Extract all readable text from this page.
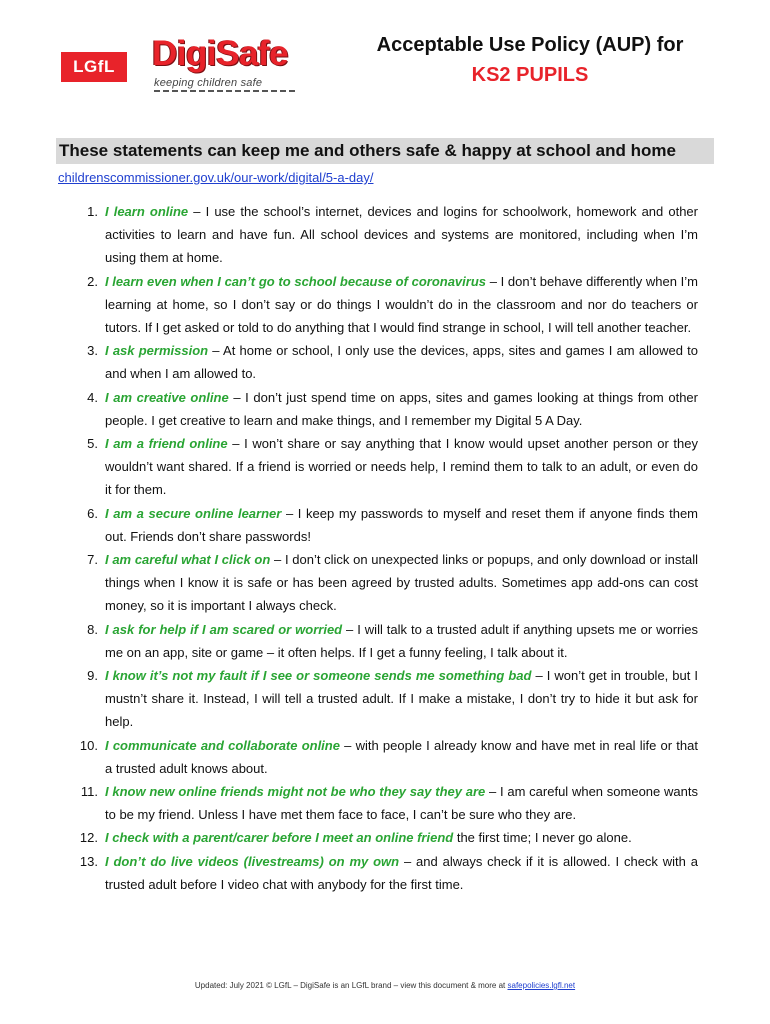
LGfL DigiSafe
keeping children safe
Acceptable Use Policy (AUP) for
KS2 PUPILS
These statements can keep me and others safe & happy at school and home
childrenscommissioner.gov.uk/our-work/digital/5-a-day/
1. I learn online – I use the school’s internet, devices and logins for schoolwork, homework and other activities to learn and have fun. All school devices and systems are monitored, including when I’m using them at home.
2. I learn even when I can’t go to school because of coronavirus – I don’t behave differently when I’m learning at home, so I don’t say or do things I wouldn’t do in the classroom and nor do teachers or tutors. If I get asked or told to do anything that I would find strange in school, I will tell another teacher.
3. I ask permission – At home or school, I only use the devices, apps, sites and games I am allowed to and when I am allowed to.
4. I am creative online – I don’t just spend time on apps, sites and games looking at things from other people. I get creative to learn and make things, and I remember my Digital 5 A Day.
5. I am a friend online – I won’t share or say anything that I know would upset another person or they wouldn’t want shared. If a friend is worried or needs help, I remind them to talk to an adult, or even do it for them.
6. I am a secure online learner – I keep my passwords to myself and reset them if anyone finds them out. Friends don’t share passwords!
7. I am careful what I click on – I don’t click on unexpected links or popups, and only download or install things when I know it is safe or has been agreed by trusted adults. Sometimes app add-ons can cost money, so it is important I always check.
8. I ask for help if I am scared or worried – I will talk to a trusted adult if anything upsets me or worries me on an app, site or game – it often helps. If I get a funny feeling, I talk about it.
9. I know it’s not my fault if I see or someone sends me something bad – I won’t get in trouble, but I mustn’t share it. Instead, I will tell a trusted adult. If I make a mistake, I don’t try to hide it but ask for help.
10. I communicate and collaborate online – with people I already know and have met in real life or that a trusted adult knows about.
11. I know new online friends might not be who they say they are – I am careful when someone wants to be my friend. Unless I have met them face to face, I can’t be sure who they are.
12. I check with a parent/carer before I meet an online friend the first time; I never go alone.
13. I don’t do live videos (livestreams) on my own – and always check if it is allowed. I check with a trusted adult before I video chat with anybody for the first time.
Updated: July 2021 © LGfL – DigiSafe is an LGfL brand – view this document & more at safepolicies.lgfl.net
